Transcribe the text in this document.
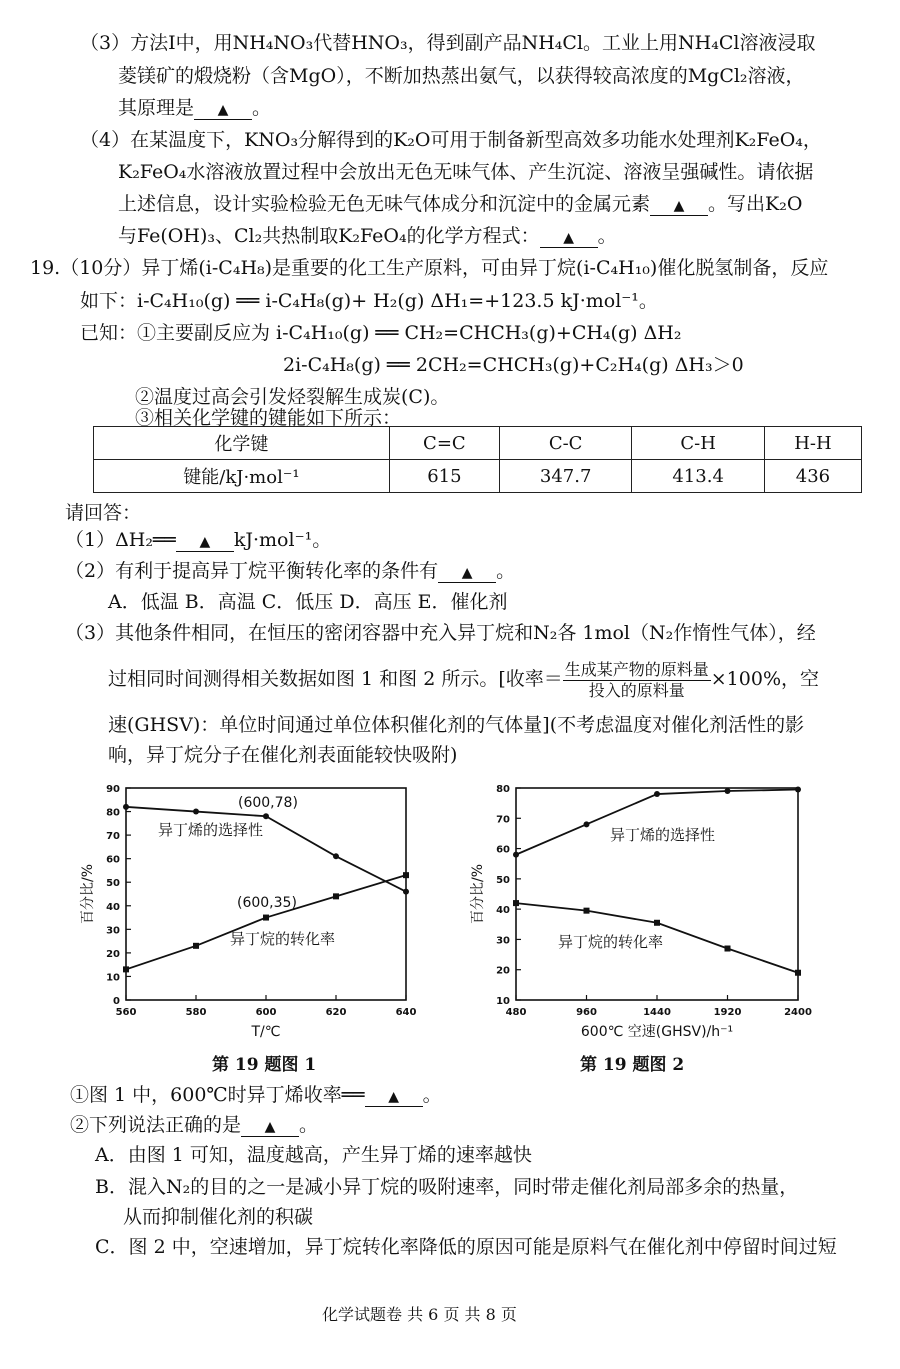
（3）方法Ⅰ中，用NH₄NO₃代替HNO₃，得到副产品NH₄Cl。工业上用NH₄Cl溶液浸取
菱镁矿的煅烧粉（含MgO），不断加热蒸出氨气，以获得较高浓度的MgCl₂溶液，
其原理是 ▲ 。
（4）在某温度下，KNO₃分解得到的K₂O可用于制备新型高效多功能水处理剂K₂FeO₄，
K₂FeO₄水溶液放置过程中会放出无色无味气体、产生沉淀、溶液呈强碱性。请依据
上述信息，设计实验检验无色无味气体成分和沉淀中的金属元素 ▲ 。写出K₂O
与Fe(OH)₃、Cl₂共热制取K₂FeO₄的化学方程式： ▲ 。
19.（10分）异丁烯(i-C₄H₈)是重要的化工生产原料，可由异丁烷(i-C₄H₁₀)催化脱氢制备，反应
如下：i-C₄H₁₀(g) ══ i-C₄H₈(g)+ H₂(g) ΔH₁=+123.5 kJ·mol⁻¹。
已知：①主要副反应为 i-C₄H₁₀(g) ══ CH₂=CHCH₃(g)+CH₄(g) ΔH₂
2i-C₄H₈(g) ══ 2CH₂=CHCH₃(g)+C₂H₄(g) ΔH₃＞0
②温度过高会引发烃裂解生成炭(C)。
③相关化学键的键能如下所示：
化学键	C=C	C-C	C-H	H-H
键能/kJ·mol⁻¹	615	347.7	413.4	436
请回答：
（1）ΔH₂══ ▲ kJ·mol⁻¹。
（2）有利于提高异丁烷平衡转化率的条件有 ▲ 。
A．低温 B．高温 C．低压 D．高压 E．催化剂
（3）其他条件相同，在恒压的密闭容器中充入异丁烷和N₂各 1mol（N₂作惰性气体），经
过相同时间测得相关数据如图 1 和图 2 所示。[收率＝ $\frac{\text{生成某产物的原料量}}{\text{投入的原料量}} \times 100\%$，空
速(GHSV)：单位时间通过单位体积催化剂的气体量](不考虑温度对催化剂活性的影
响，异丁烷分子在催化剂表面能较快吸附)
0
10
20
30
40
50
60
70
80
90
560	580	600	620	640
T/℃
百分比/%
异丁烯的选择性
异丁烷的转化率
(600,78)
(600,35)
第 19 题图 1
10
20
30
40
50
60
70
80
480	960	1440	1920	2400
600℃ 空速(GHSV)/h⁻¹
百分比/%
异丁烯的选择性
异丁烷的转化率
第 19 题图 2
①图 1 中，600℃时异丁烯收率══ ▲ 。
②下列说法正确的是 ▲ 。
A．由图 1 可知，温度越高，产生异丁烯的速率越快
B．混入N₂的目的之一是减小异丁烷的吸附速率，同时带走催化剂局部多余的热量，
从而抑制催化剂的积碳
C．图 2 中，空速增加，异丁烷转化率降低的原因可能是原料气在催化剂中停留时间过短
化学试题卷 共 6 页 共 8 页
